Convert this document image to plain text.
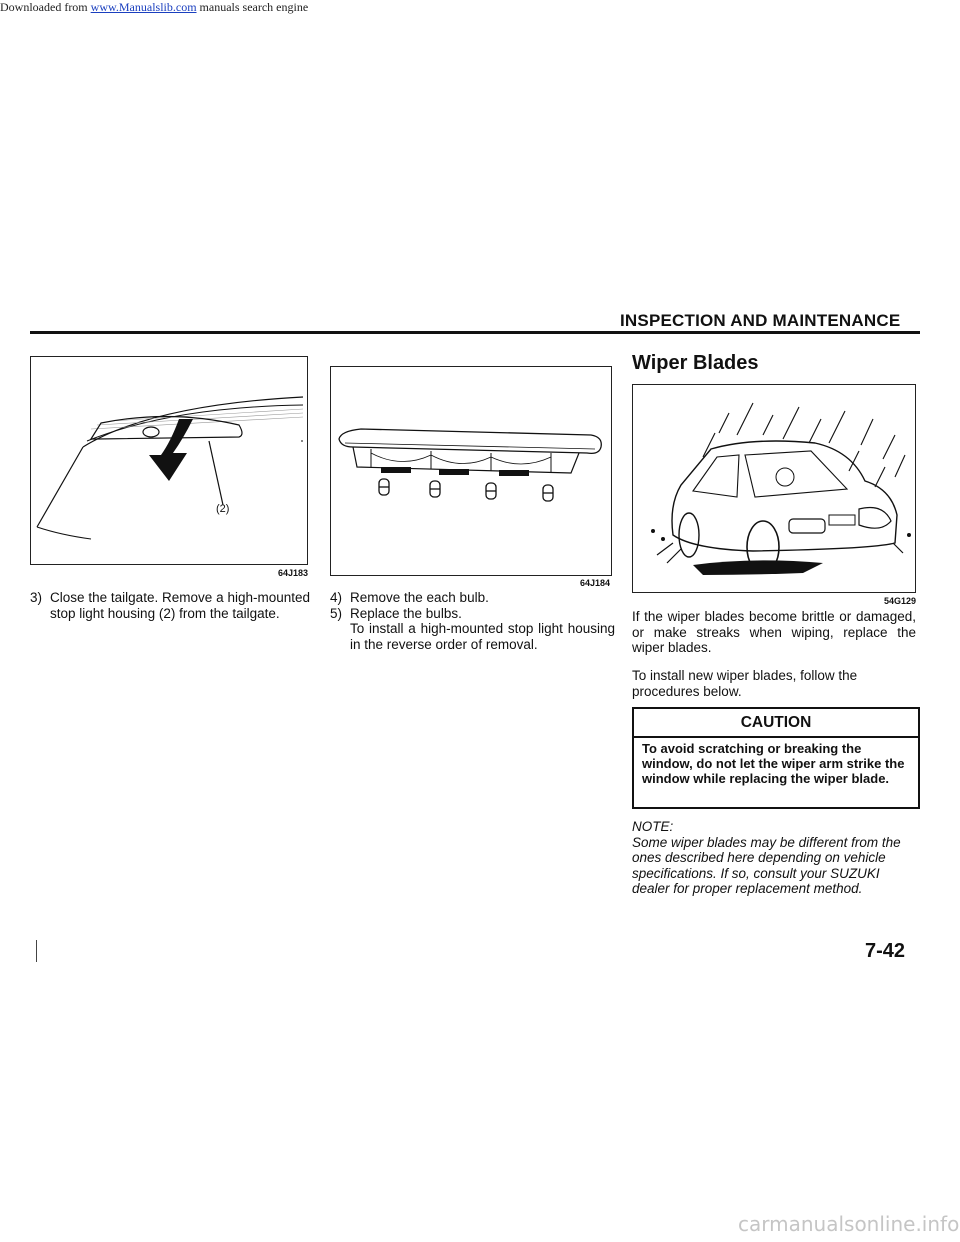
Downloaded from www.Manualslib.com manuals search engine
INSPECTION AND MAINTENANCE
(2)
64J183
3) Close the tailgate. Remove a high-mounted stop light housing (2) from the tailgate.
64J184
4) Remove the each bulb.
5) Replace the bulbs.
To install a high-mounted stop light housing in the reverse order of removal.
Wiper Blades
54G129
If the wiper blades become brittle or damaged, or make streaks when wiping, replace the wiper blades.
To install new wiper blades, follow the procedures below.
CAUTION
To avoid scratching or breaking the window, do not let the wiper arm strike the window while replacing the wiper blade.
NOTE:
Some wiper blades may be different from the ones described here depending on vehicle specifications. If so, consult your SUZUKI dealer for proper replacement method.
7-42
carmanualsonline.info
